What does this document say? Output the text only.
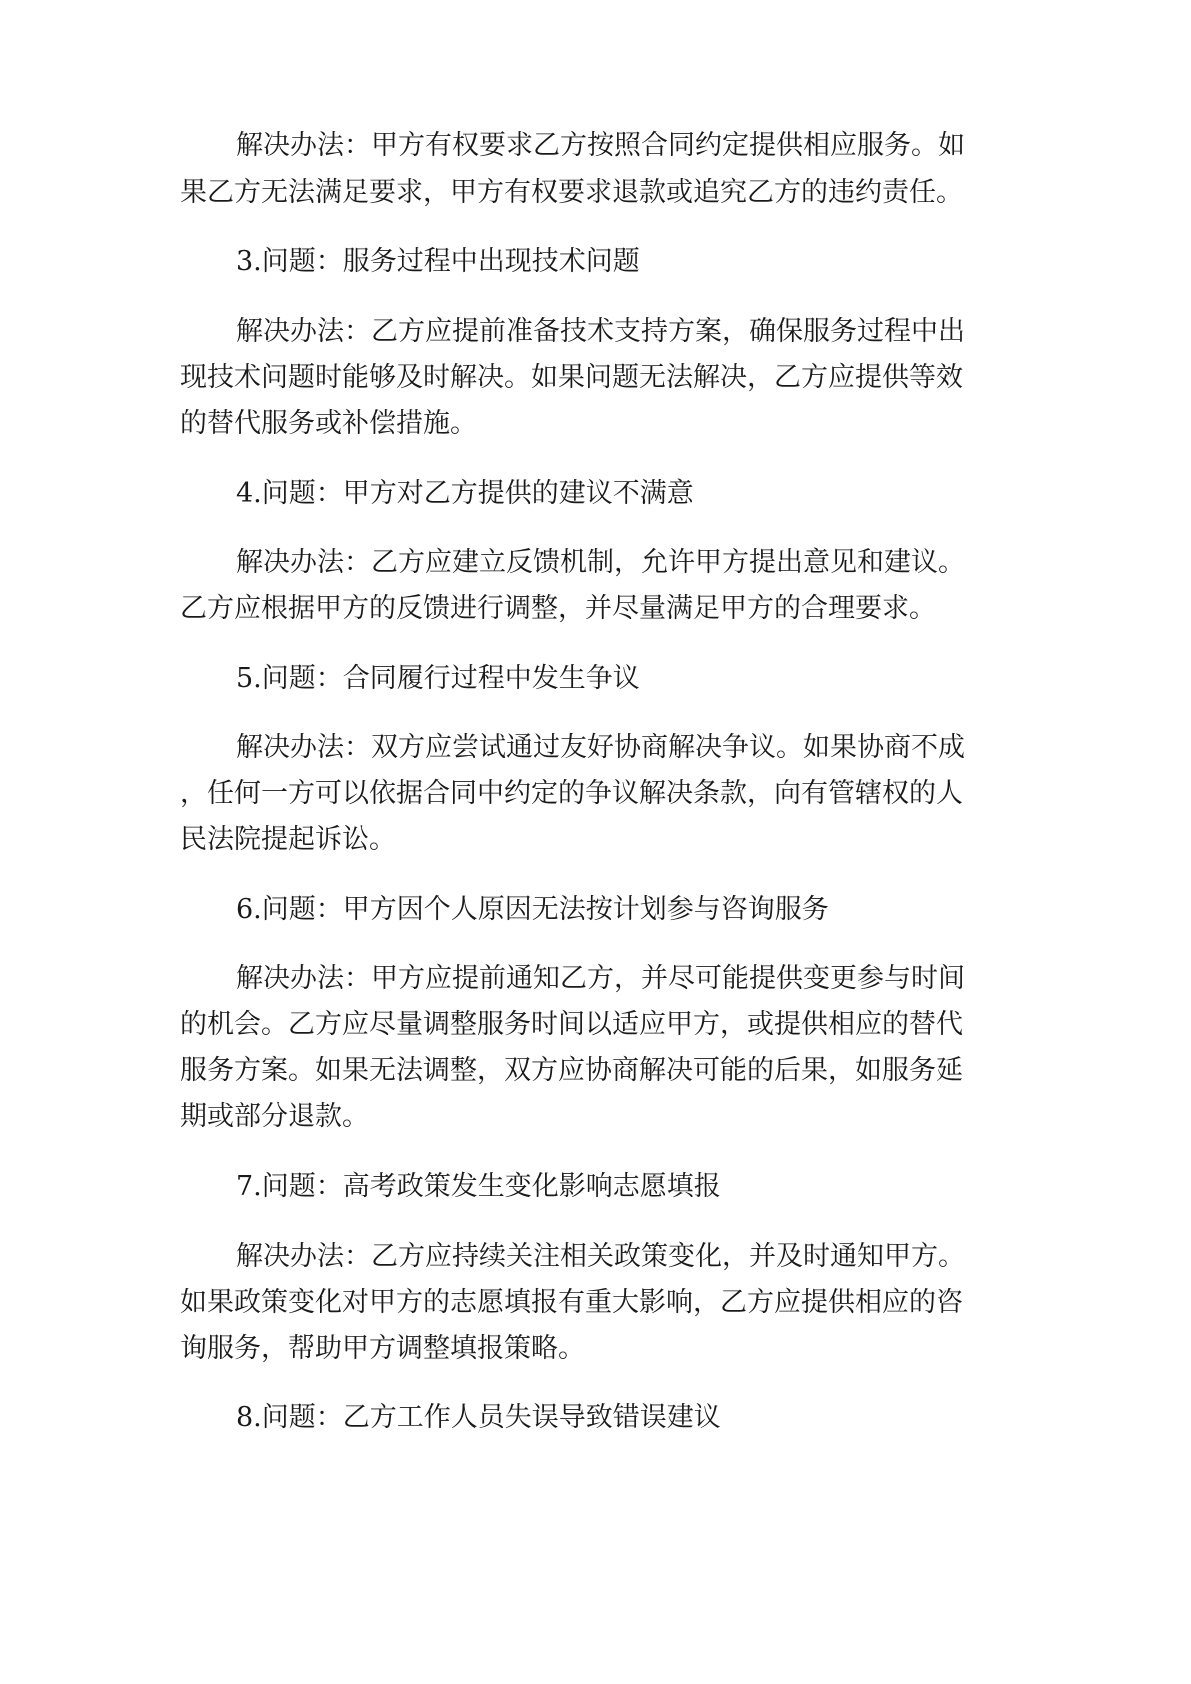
解决办法：甲方有权要求乙方按照合同约定提供相应服务。如
果乙方无法满足要求，甲方有权要求退款或追究乙方的违约责任。
3.问题：服务过程中出现技术问题
解决办法：乙方应提前准备技术支持方案，确保服务过程中出
现技术问题时能够及时解决。如果问题无法解决，乙方应提供等效
的替代服务或补偿措施。
4.问题：甲方对乙方提供的建议不满意
解决办法：乙方应建立反馈机制，允许甲方提出意见和建议。
乙方应根据甲方的反馈进行调整，并尽量满足甲方的合理要求。
5.问题：合同履行过程中发生争议
解决办法：双方应尝试通过友好协商解决争议。如果协商不成
，任何一方可以依据合同中约定的争议解决条款，向有管辖权的人
民法院提起诉讼。
6.问题：甲方因个人原因无法按计划参与咨询服务
解决办法：甲方应提前通知乙方，并尽可能提供变更参与时间
的机会。乙方应尽量调整服务时间以适应甲方，或提供相应的替代
服务方案。如果无法调整，双方应协商解决可能的后果，如服务延
期或部分退款。
7.问题：高考政策发生变化影响志愿填报
解决办法：乙方应持续关注相关政策变化，并及时通知甲方。
如果政策变化对甲方的志愿填报有重大影响，乙方应提供相应的咨
询服务，帮助甲方调整填报策略。
8.问题：乙方工作人员失误导致错误建议
